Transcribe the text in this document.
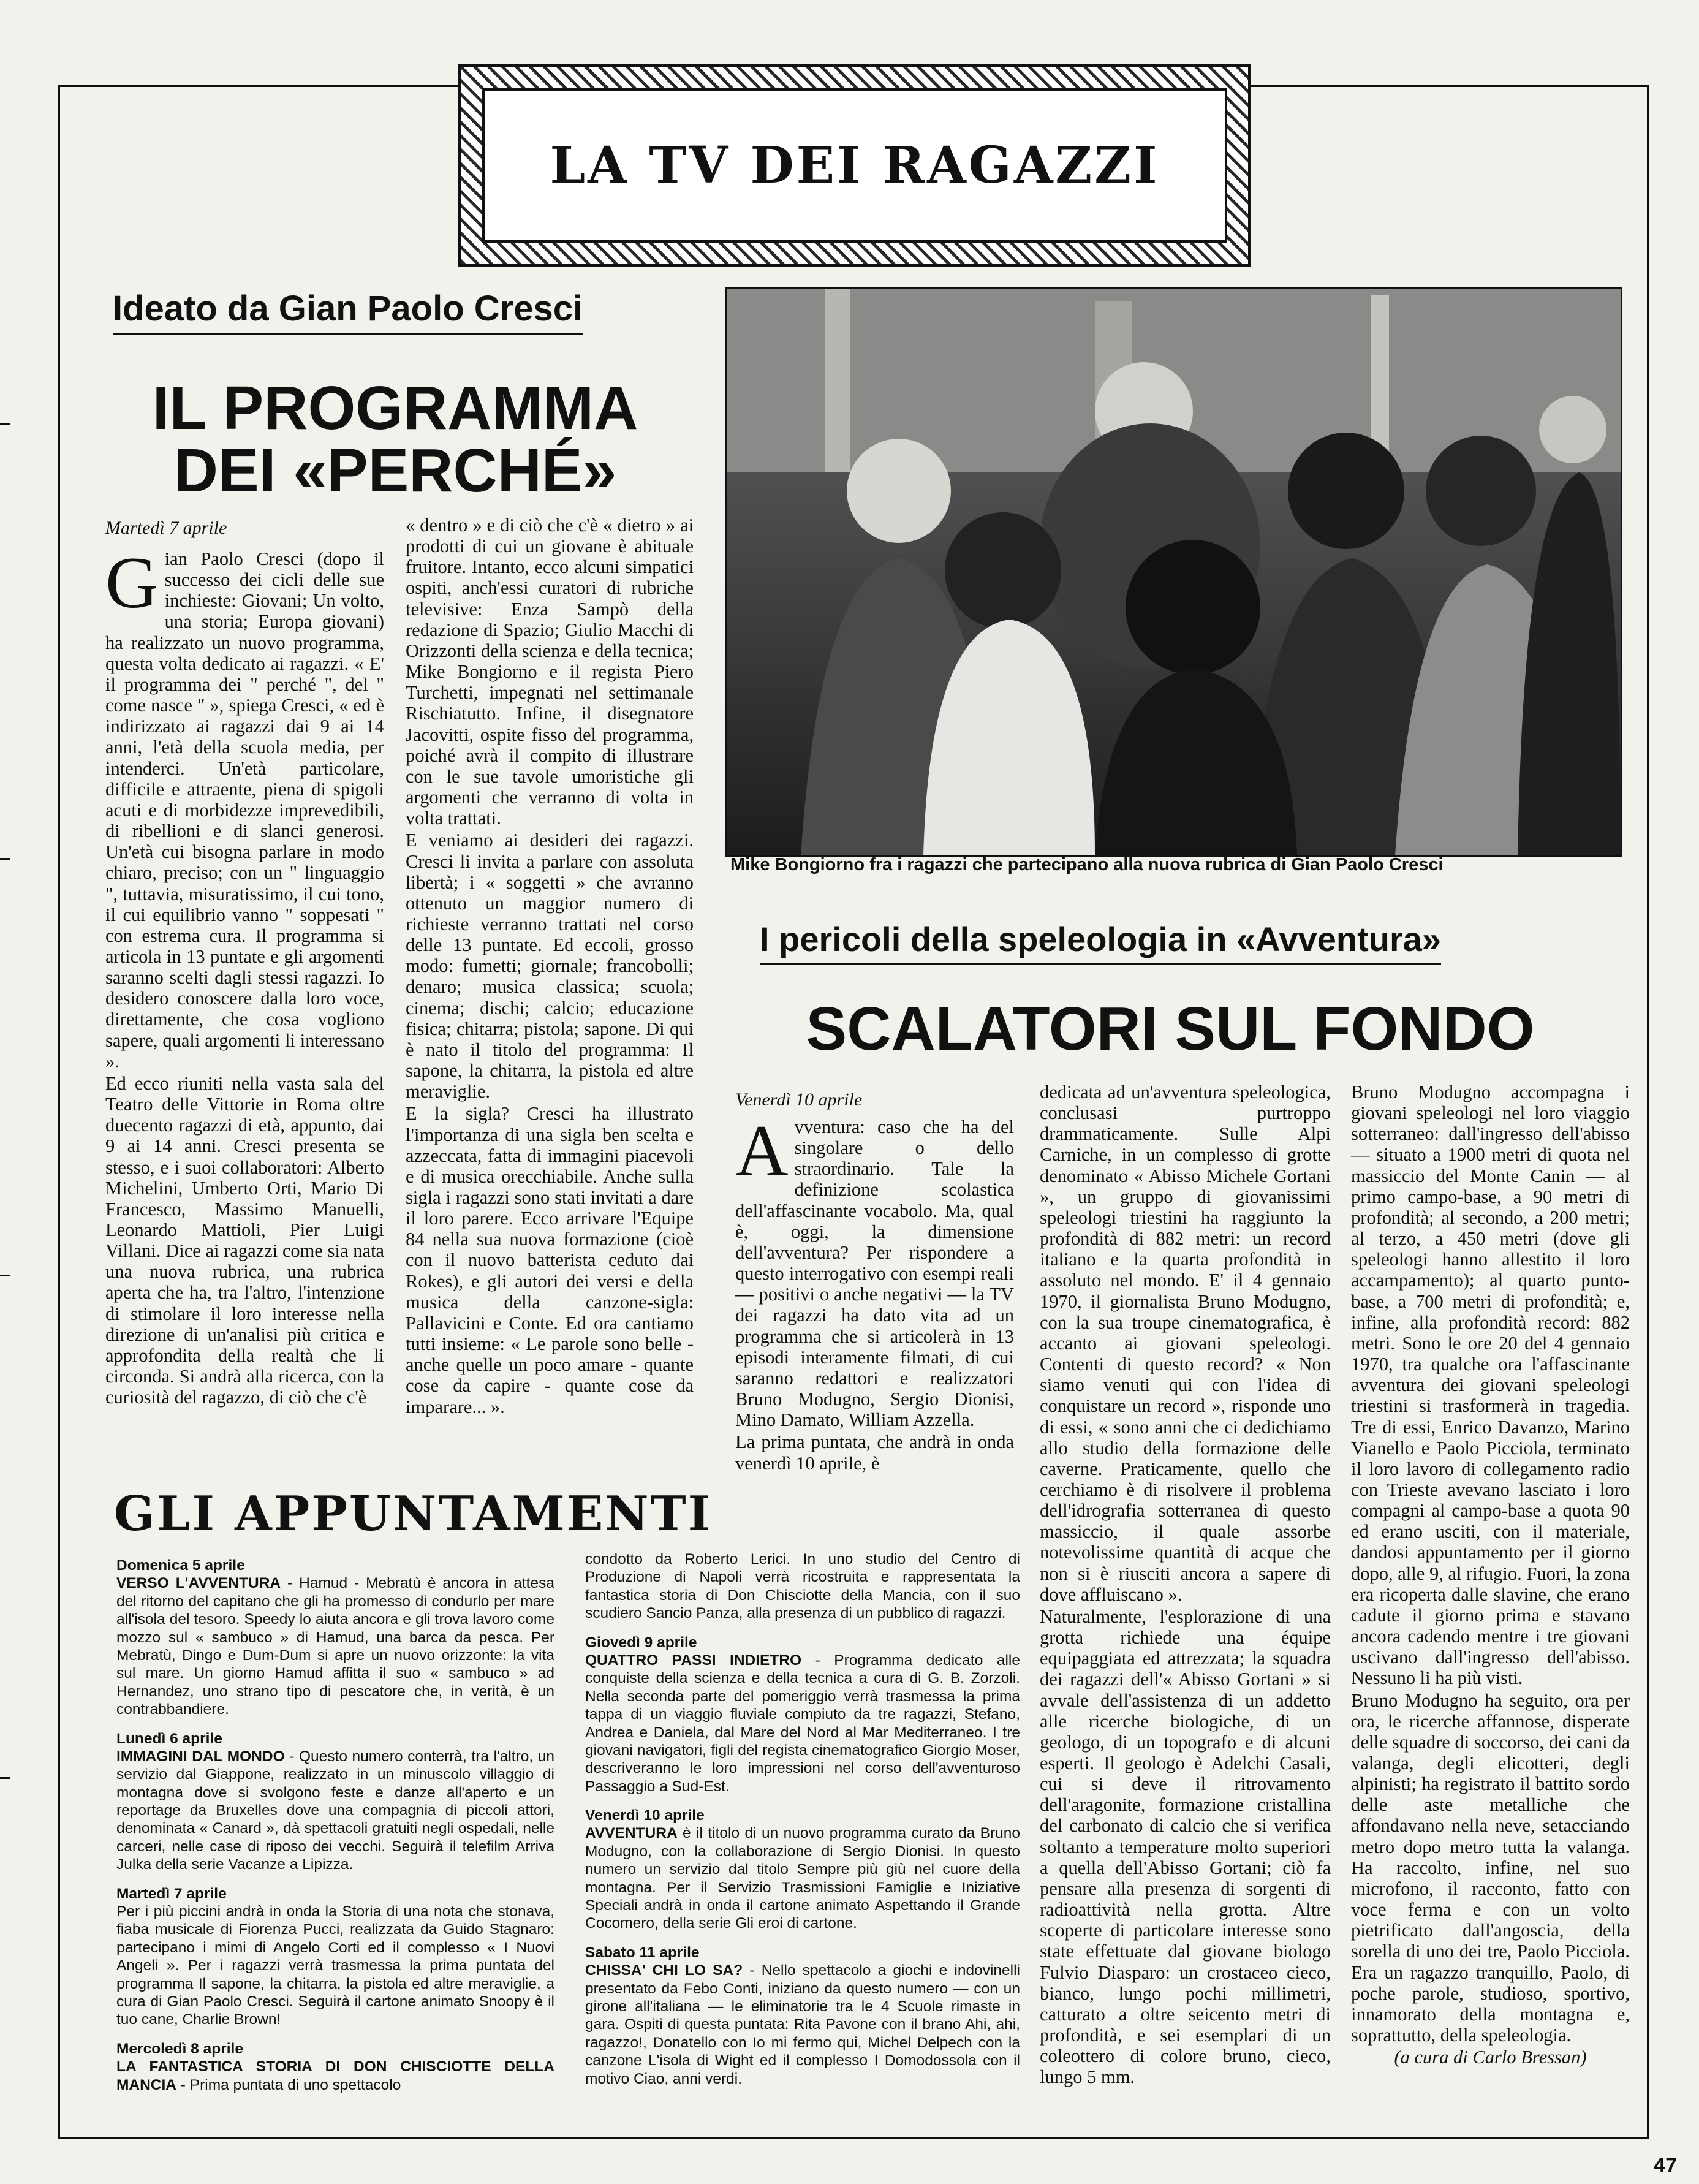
LA TV DEI RAGAZZI
Ideato da Gian Paolo Cresci
IL PROGRAMMA
DEI «PERCHÉ»
Martedì 7 aprile
G ian Paolo Cresci (dopo il successo dei cicli delle sue inchieste: Giovani; Un volto, una storia; Europa giovani) ha realizzato un nuovo programma, questa volta dedicato ai ragazzi. « E' il programma dei " perché ", del " come nasce " », spiega Cresci, « ed è indirizzato ai ragazzi dai 9 ai 14 anni, l'età della scuola media, per intenderci. Un'età particolare, difficile e attraente, piena di spigoli acuti e di morbidezze imprevedibili, di ribellioni e di slanci generosi. Un'età cui bisogna parlare in modo chiaro, preciso; con un " linguaggio ", tuttavia, misuratissimo, il cui tono, il cui equilibrio vanno " soppesati " con estrema cura. Il programma si articola in 13 puntate e gli argomenti saranno scelti dagli stessi ragazzi. Io desidero conoscere dalla loro voce, direttamente, che cosa vogliono sapere, quali argomenti li interessano ».

Ed ecco riuniti nella vasta sala del Teatro delle Vittorie in Roma oltre duecento ragazzi di età, appunto, dai 9 ai 14 anni. Cresci presenta se stesso, e i suoi collaboratori: Alberto Michelini, Umberto Orti, Mario Di Francesco, Massimo Manuelli, Leonardo Mattioli, Pier Luigi Villani. Dice ai ragazzi come sia nata una nuova rubrica, una rubrica aperta che ha, tra l'altro, l'intenzione di stimolare il loro interesse nella direzione di un'analisi più critica e approfondita della realtà che li circonda. Si andrà alla ricerca, con la curiosità del ragazzo, di ciò che c'è

« dentro » e di ciò che c'è « dietro » ai prodotti di cui un giovane è abituale fruitore. Intanto, ecco alcuni simpatici ospiti, anch'essi curatori di rubriche televisive: Enza Sampò della redazione di Spazio; Giulio Macchi di Orizzonti della scienza e della tecnica; Mike Bongiorno e il regista Piero Turchetti, impegnati nel settimanale Rischiatutto. Infine, il disegnatore Jacovitti, ospite fisso del programma, poiché avrà il compito di illustrare con le sue tavole umoristiche gli argomenti che verranno di volta in volta trattati.

E veniamo ai desideri dei ragazzi. Cresci li invita a parlare con assoluta libertà; i « soggetti » che avranno ottenuto un maggior numero di richieste verranno trattati nel corso delle 13 puntate. Ed eccoli, grosso modo: fumetti; giornale; francobolli; denaro; musica classica; scuola; cinema; dischi; calcio; educazione fisica; chitarra; pistola; sapone. Di qui è nato il titolo del programma: Il sapone, la chitarra, la pistola ed altre meraviglie.

E la sigla? Cresci ha illustrato l'importanza di una sigla ben scelta e azzeccata, fatta di immagini piacevoli e di musica orecchiabile. Anche sulla sigla i ragazzi sono stati invitati a dare il loro parere. Ecco arrivare l'Equipe 84 nella sua nuova formazione (cioè con il nuovo batterista ceduto dai Rokes), e gli autori dei versi e della musica della canzone-sigla: Pallavicini e Conte. Ed ora cantiamo tutti insieme: « Le parole sono belle - anche quelle un poco amare - quante cose da capire - quante cose da imparare... ».

Mike Bongiorno fra i ragazzi che partecipano alla nuova rubrica di Gian Paolo Cresci
I pericoli della speleologia in «Avventura»
SCALATORI SUL FONDO
Venerdì 10 aprile
A vventura: caso che ha del singolare o dello straordinario. Tale la definizione scolastica dell'affascinante vocabolo. Ma, qual è, oggi, la dimensione dell'avventura? Per rispondere a questo interrogativo con esempi reali — positivi o anche negativi — la TV dei ragazzi ha dato vita ad un programma che si articolerà in 13 episodi interamente filmati, di cui saranno redattori e realizzatori Bruno Modugno, Sergio Dionisi, Mino Damato, William Azzella.

La prima puntata, che andrà in onda venerdì 10 aprile, è

dedicata ad un'avventura speleologica, conclusasi purtroppo drammaticamente. Sulle Alpi Carniche, in un complesso di grotte denominato « Abisso Michele Gortani », un gruppo di giovanissimi speleologi triestini ha raggiunto la profondità di 882 metri: un record italiano e la quarta profondità in assoluto nel mondo. E' il 4 gennaio 1970, il giornalista Bruno Modugno, con la sua troupe cinematografica, è accanto ai giovani speleologi. Contenti di questo record? « Non siamo venuti qui con l'idea di conquistare un record », risponde uno di essi, « sono anni che ci dedichiamo allo studio della formazione delle caverne. Praticamente, quello che cerchiamo è di risolvere il problema dell'idrografia sotterranea di questo massiccio, il quale assorbe notevolissime quantità di acque che non si è riusciti ancora a sapere di dove affluiscano ».

Naturalmente, l'esplorazione di una grotta richiede una équipe equipaggiata ed attrezzata; la squadra dei ragazzi dell'« Abisso Gortani » si avvale dell'assistenza di un addetto alle ricerche biologiche, di un geologo, di un topografo e di alcuni esperti. Il geologo è Adelchi Casali, cui si deve il ritrovamento dell'aragonite, formazione cristallina del carbonato di calcio che si verifica soltanto a temperature molto superiori a quella dell'Abisso Gortani; ciò fa pensare alla presenza di sorgenti di radioattività nella grotta. Altre scoperte di particolare interesse sono state effettuate dal giovane biologo Fulvio Diasparo: un crostaceo cieco, bianco, lungo pochi millimetri, catturato a oltre seicento metri di profondità, e sei esemplari di un coleottero di colore bruno, cieco, lungo 5 mm.

Bruno Modugno accompagna i giovani speleologi nel loro viaggio sotterraneo: dall'ingresso dell'abisso — situato a 1900 metri di quota nel massiccio del Monte Canin — al primo campo-base, a 90 metri di profondità; al secondo, a 200 metri; al terzo, a 450 metri (dove gli speleologi hanno allestito il loro accampamento); al quarto punto-base, a 700 metri di profondità; e, infine, alla profondità record: 882 metri. Sono le ore 20 del 4 gennaio 1970, tra qualche ora l'affascinante avventura dei giovani speleologi triestini si trasformerà in tragedia. Tre di essi, Enrico Davanzo, Marino Vianello e Paolo Picciola, terminato il loro lavoro di collegamento radio con Trieste avevano lasciato i loro compagni al campo-base a quota 90 ed erano usciti, con il materiale, dandosi appuntamento per il giorno dopo, alle 9, al rifugio. Fuori, la zona era ricoperta dalle slavine, che erano cadute il giorno prima e stavano ancora cadendo mentre i tre giovani uscivano dall'ingresso dell'abisso. Nessuno li ha più visti.

Bruno Modugno ha seguito, ora per ora, le ricerche affannose, disperate delle squadre di soccorso, dei cani da valanga, degli elicotteri, degli alpinisti; ha registrato il battito sordo delle aste metalliche che affondavano nella neve, setacciando metro dopo metro tutta la valanga. Ha raccolto, infine, nel suo microfono, il racconto, fatto con voce ferma e con un volto pietrificato dall'angoscia, della sorella di uno dei tre, Paolo Picciola. Era un ragazzo tranquillo, Paolo, di poche parole, studioso, sportivo, innamorato della montagna e, soprattutto, della speleologia.

(a cura di Carlo Bressan)

GLI APPUNTAMENTI
Domenica 5 aprile
VERSO L'AVVENTURA - Hamud - Mebratù è ancora in attesa del ritorno del capitano che gli ha promesso di condurlo per mare all'isola del tesoro. Speedy lo aiuta ancora e gli trova lavoro come mozzo sul « sambuco » di Hamud, una barca da pesca. Per Mebratù, Dingo e Dum-Dum si apre un nuovo orizzonte: la vita sul mare. Un giorno Hamud affitta il suo « sambuco » ad Hernandez, uno strano tipo di pescatore che, in verità, è un contrabbandiere.
Lunedì 6 aprile
IMMAGINI DAL MONDO - Questo numero conterrà, tra l'altro, un servizio dal Giappone, realizzato in un minuscolo villaggio di montagna dove si svolgono feste e danze all'aperto e un reportage da Bruxelles dove una compagnia di piccoli attori, denominata « Canard », dà spettacoli gratuiti negli ospedali, nelle carceri, nelle case di riposo dei vecchi. Seguirà il telefilm Arriva Julka della serie Vacanze a Lipizza.
Martedì 7 aprile
Per i più piccini andrà in onda la Storia di una nota che stonava, fiaba musicale di Fiorenza Pucci, realizzata da Guido Stagnaro: partecipano i mimi di Angelo Corti ed il complesso « I Nuovi Angeli ». Per i ragazzi verrà trasmessa la prima puntata del programma Il sapone, la chitarra, la pistola ed altre meraviglie, a cura di Gian Paolo Cresci. Seguirà il cartone animato Snoopy è il tuo cane, Charlie Brown!
Mercoledì 8 aprile
LA FANTASTICA STORIA DI DON CHISCIOTTE DELLA MANCIA - Prima puntata di uno spettacolo
condotto da Roberto Lerici. In uno studio del Centro di Produzione di Napoli verrà ricostruita e rappresentata la fantastica storia di Don Chisciotte della Mancia, con il suo scudiero Sancio Panza, alla presenza di un pubblico di ragazzi.
Giovedì 9 aprile
QUATTRO PASSI INDIETRO - Programma dedicato alle conquiste della scienza e della tecnica a cura di G. B. Zorzoli. Nella seconda parte del pomeriggio verrà trasmessa la prima tappa di un viaggio fluviale compiuto da tre ragazzi, Stefano, Andrea e Daniela, dal Mare del Nord al Mar Mediterraneo. I tre giovani navigatori, figli del regista cinematografico Giorgio Moser, descriveranno le loro impressioni nel corso dell'avventuroso Passaggio a Sud-Est.
Venerdì 10 aprile
AVVENTURA è il titolo di un nuovo programma curato da Bruno Modugno, con la collaborazione di Sergio Dionisi. In questo numero un servizio dal titolo Sempre più giù nel cuore della montagna. Per il Servizio Trasmissioni Famiglie e Iniziative Speciali andrà in onda il cartone animato Aspettando il Grande Cocomero, della serie Gli eroi di cartone.
Sabato 11 aprile
CHISSA' CHI LO SA? - Nello spettacolo a giochi e indovinelli presentato da Febo Conti, iniziano da questo numero — con un girone all'italiana — le eliminatorie tra le 4 Scuole rimaste in gara. Ospiti di questa puntata: Rita Pavone con il brano Ahi, ahi, ragazzo!, Donatello con Io mi fermo qui, Michel Delpech con la canzone L'isola di Wight ed il complesso I Domodossola con il motivo Ciao, anni verdi.
47
